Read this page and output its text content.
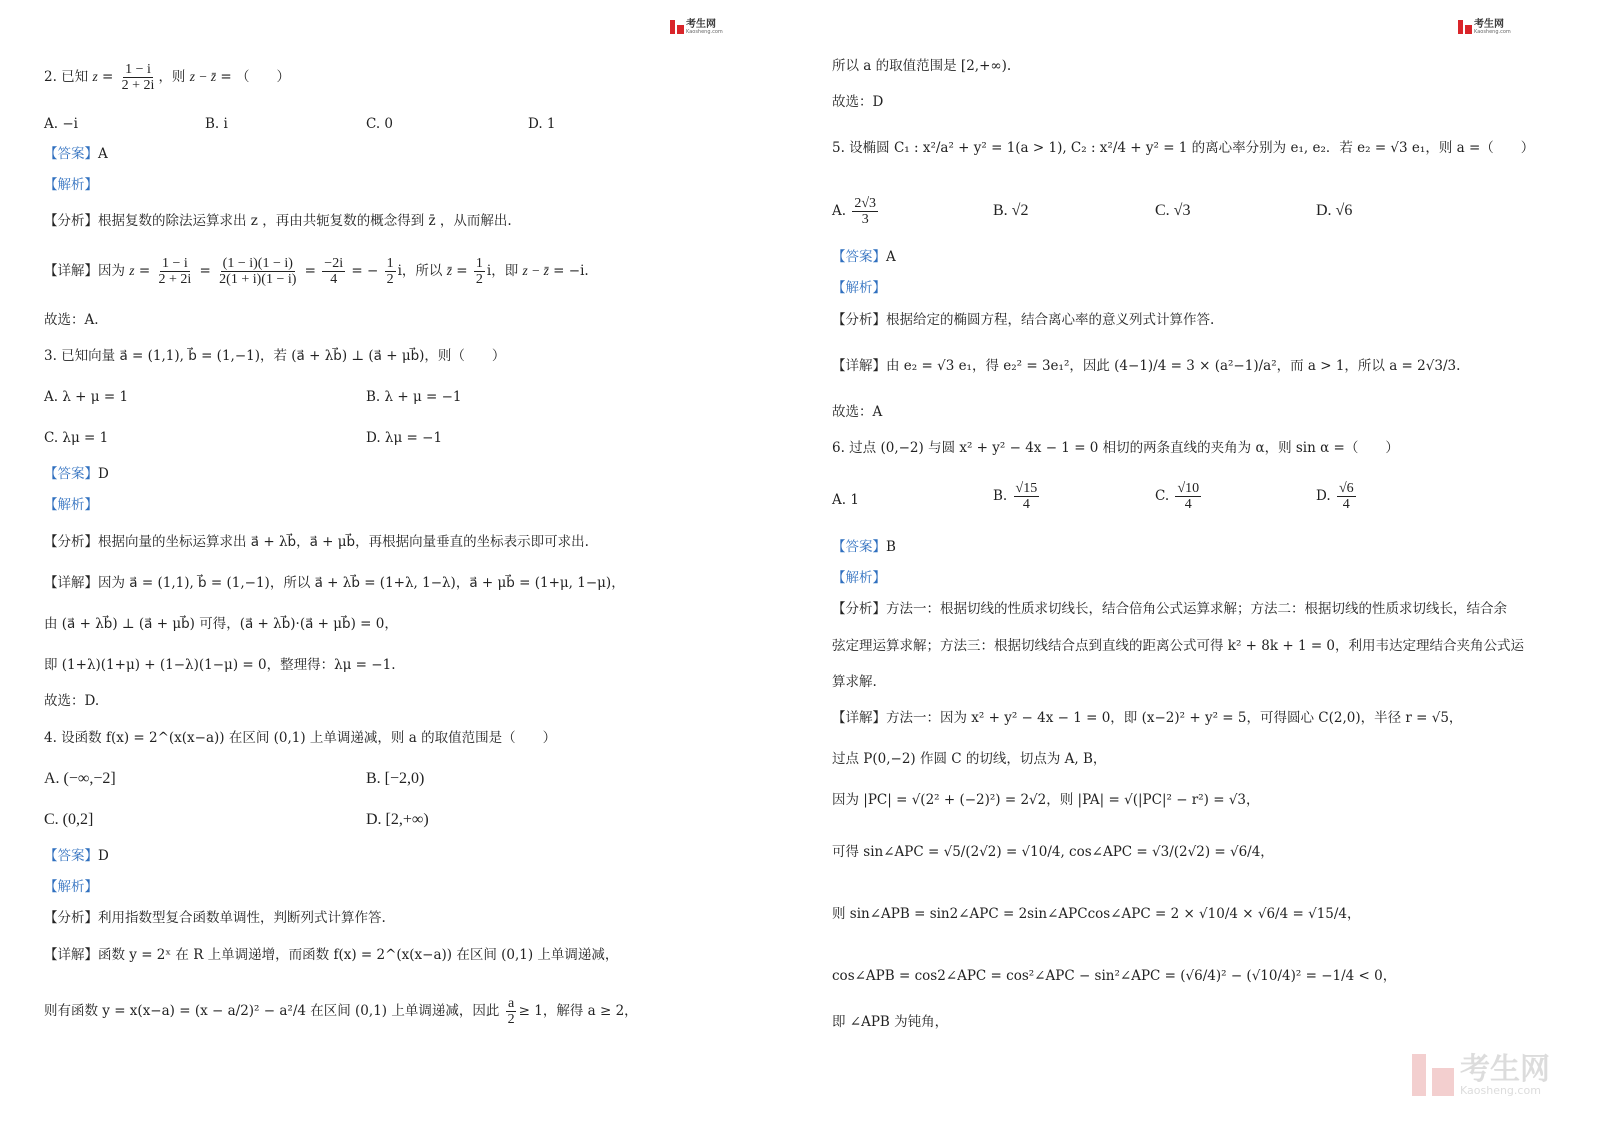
考生网
Kaosheng.com
2. 已知 $z = \frac{1 - i}{2 + 2i}$ ，则 z − z̄ = （　　）
A. −i	B. i	C. 0	D. 1
【答案】A
【解析】
【分析】根据复数的除法运算求出 z ，再由共轭复数的概念得到 z̄ ，从而解出.
【详解】因为 $z = \frac{1 - i}{2 + 2i} = \frac{(1 - i)(1 - i)}{2(1 + i)(1 - i)} = \frac{-2i}{4}$ = − $\frac{1}{2}$ i，所以 z̄ = $\frac{1}{2}$ i，即 z − z̄ = −i.
故选：A.
3. 已知向量 a⃗ = (1,1), b⃗ = (1,−1)，若 (a⃗ + λb⃗) ⊥ (a⃗ + μb⃗)，则（　　）
A. λ + μ = 1	B. λ + μ = −1
C. λμ = 1	D. λμ = −1
【答案】D
【解析】
【分析】根据向量的坐标运算求出 a⃗ + λb⃗，a⃗ + μb⃗，再根据向量垂直的坐标表示即可求出.
【详解】因为 a⃗ = (1,1), b⃗ = (1,−1)，所以 a⃗ + λb⃗ = (1+λ, 1−λ)，a⃗ + μb⃗ = (1+μ, 1−μ)，
由 (a⃗ + λb⃗) ⊥ (a⃗ + μb⃗) 可得，(a⃗ + λb⃗)·(a⃗ + μb⃗) = 0，
即 (1+λ)(1+μ) + (1−λ)(1−μ) = 0，整理得：λμ = −1.
故选：D.
4. 设函数 f(x) = 2^(x(x−a)) 在区间 (0,1) 上单调递减，则 a 的取值范围是（　　）
A. (−∞,−2]	B. [−2,0)
C. (0,2]	D. [2,+∞)
【答案】D
【解析】
【分析】利用指数型复合函数单调性，判断列式计算作答.
【详解】函数 y = 2ˣ 在 R 上单调递增，而函数 f(x) = 2^(x(x−a)) 在区间 (0,1) 上单调递减，
则有函数 y = x(x−a) = (x − a/2)² − a²/4 在区间 (0,1) 上单调递减，因此 $\frac{a}{2} \ge 1$，解得 a ≥ 2，
考生网
Kaosheng.com
所以 a 的取值范围是 [2,+∞).
故选：D
5. 设椭圆 C₁ : x²/a² + y² = 1(a > 1), C₂ : x²/4 + y² = 1 的离心率分别为 e₁, e₂．若 e₂ = √3 e₁，则 a =（　　）
A. $\frac{2√3}{3}$	B. √2	C. √3	D. √6
【答案】A
【解析】
【分析】根据给定的椭圆方程，结合离心率的意义列式计算作答.
【详解】由 e₂ = √3 e₁，得 e₂² = 3e₁²，因此 (4−1)/4 = 3 × (a²−1)/a²，而 a > 1，所以 a = 2√3/3.
故选：A
6. 过点 (0,−2) 与圆 x² + y² − 4x − 1 = 0 相切的两条直线的夹角为 α，则 sin α =（　　）
A. 1	B. $\frac{√15}{4}$	C. $\frac{√10}{4}$	D. $\frac{√6}{4}$
【答案】B
【解析】
【分析】方法一：根据切线的性质求切线长，结合倍角公式运算求解；方法二：根据切线的性质求切线长，结合余
弦定理运算求解；方法三：根据切线结合点到直线的距离公式可得 k² + 8k + 1 = 0，利用韦达定理结合夹角公式运
算求解.
【详解】方法一：因为 x² + y² − 4x − 1 = 0，即 (x−2)² + y² = 5，可得圆心 C(2,0)，半径 r = √5，
过点 P(0,−2) 作圆 C 的切线，切点为 A, B，
因为 |PC| = √(2² + (−2)²) = 2√2，则 |PA| = √(|PC|² − r²) = √3，
可得 sin∠APC = √5/(2√2) = √10/4, cos∠APC = √3/(2√2) = √6/4，
则 sin∠APB = sin2∠APC = 2sin∠APCcos∠APC = 2 × √10/4 × √6/4 = √15/4，
cos∠APB = cos2∠APC = cos²∠APC − sin²∠APC = (√6/4)² − (√10/4)² = −1/4 < 0，
即 ∠APB 为钝角，
考生网
Kaosheng.com
